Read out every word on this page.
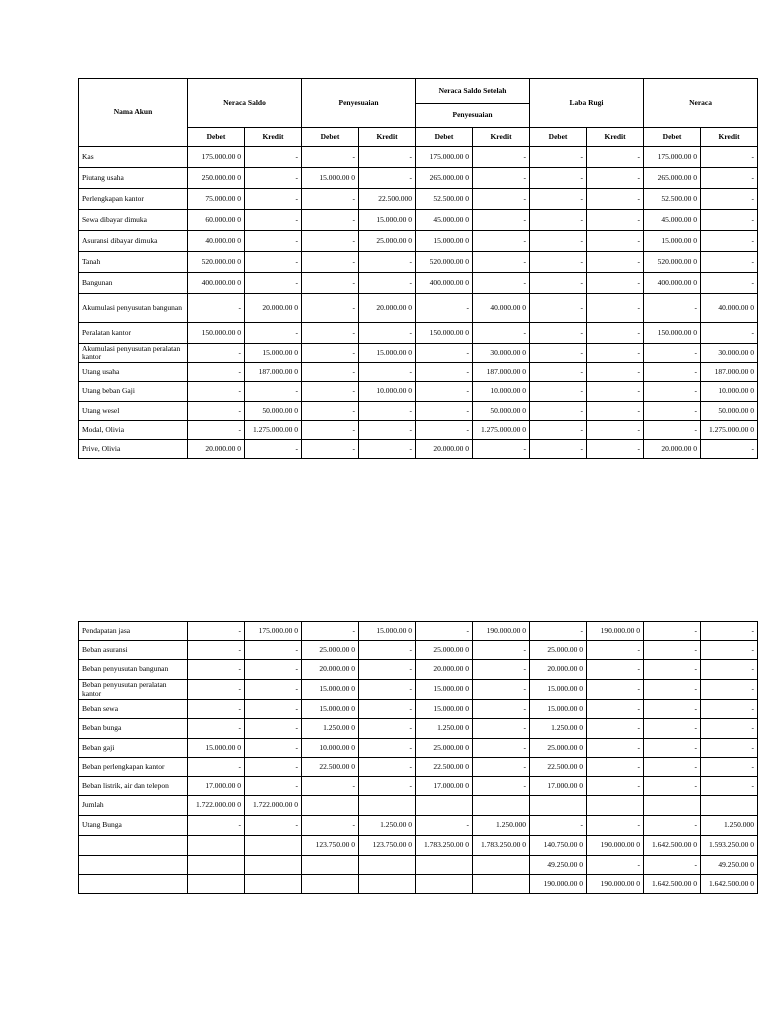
Nama Akun	Neraca Saldo		Penyesuaian		Neraca Saldo Setelah		Laba Rugi		Neraca	
					Penyesuaian					
	Debet	Kredit	Debet	Kredit	Debet	Kredit	Debet	Kredit	Debet	Kredit
Kas	175.000.00 0	-	-	-	175.000.00 0	-	-	-	175.000.00 0	-
Piutang usaha	250.000.00 0	-	15.000.00 0	-	265.000.00 0	-	-	-	265.000.00 0	-
Perlengkapan kantor	75.000.00 0	-	-	22.500.000	52.500.00 0	-	-	-	52.500.00 0	-
Sewa dibayar dimuka	60.000.00 0	-	-	15.000.00 0	45.000.00 0	-	-	-	45.000.00 0	-
Asuransi dibayar dimuka	40.000.00 0	-	-	25.000.00 0	15.000.00 0	-	-	-	15.000.00 0	-
Tanah	520.000.00 0	-	-	-	520.000.00 0	-	-	-	520.000.00 0	-
Bangunan	400.000.00 0	-	-	-	400.000.00 0	-	-	-	400.000.00 0	-
Akumulasi penyusutan bangunan	-	20.000.00 0	-	20.000.00 0	-	40.000.00 0	-	-	-	40.000.00 0
Peralatan kantor	150.000.00 0	-	-	-	150.000.00 0	-	-	-	150.000.00 0	-
Akumulasi penyusutan peralatan kantor	-	15.000.00 0	-	15.000.00 0	-	30.000.00 0	-	-	-	30.000.00 0
Utang usaha	-	187.000.00 0	-	-	-	187.000.00 0	-	-	-	187.000.00 0
Utang beban Gaji	-	-	-	10.000.00 0	-	10.000.00 0	-	-	-	10.000.00 0
Utang wesel	-	50.000.00 0	-	-	-	50.000.00 0	-	-	-	50.000.00 0
Modal, Olivia	-	1.275.000.00 0	-	-	-	1.275.000.00 0	-	-	-	1.275.000.00 0
Prive, Olivia	20.000.00 0	-	-	-	20.000.00 0	-	-	-	20.000.00 0	-
Pendapatan jasa	-	175.000.00 0	-	15.000.00 0	-	190.000.00 0	-	190.000.00 0	-	-
Beban asuransi	-	-	25.000.00 0	-	25.000.00 0	-	25.000.00 0	-	-	-
Beban penyusutan bangunan	-	-	20.000.00 0	-	20.000.00 0	-	20.000.00 0	-	-	-
Beban penyusutan peralatan kantor	-	-	15.000.00 0	-	15.000.00 0	-	15.000.00 0	-	-	-
Beban sewa	-	-	15.000.00 0	-	15.000.00 0	-	15.000.00 0	-	-	-
Beban bunga	-	-	1.250.00 0	-	1.250.00 0	-	1.250.00 0	-	-	-
Beban gaji	15.000.00 0	-	10.000.00 0	-	25.000.00 0	-	25.000.00 0	-	-	-
Beban perlengkapan kantor	-	-	22.500.00 0	-	22.500.00 0	-	22.500.00 0	-	-	-
Beban listrik, air dan telepon	17.000.00 0	-	-	-	17.000.00 0	-	17.000.00 0	-	-	-
Jumlah	1.722.000.00 0	1.722.000.00 0								
Utang Bunga	-	-	-	1.250.00 0	-	1.250.000	-	-	-	1.250.000
			123.750.00 0	123.750.00 0	1.783.250.00 0	1.783.250.00 0	140.750.00 0	190.000.00 0	1.642.500.00 0	1.593.250.00 0
							49.250.00 0	-	-	49.250.00 0
							190.000.00 0	190.000.00 0	1.642.500.00 0	1.642.500.00 0
